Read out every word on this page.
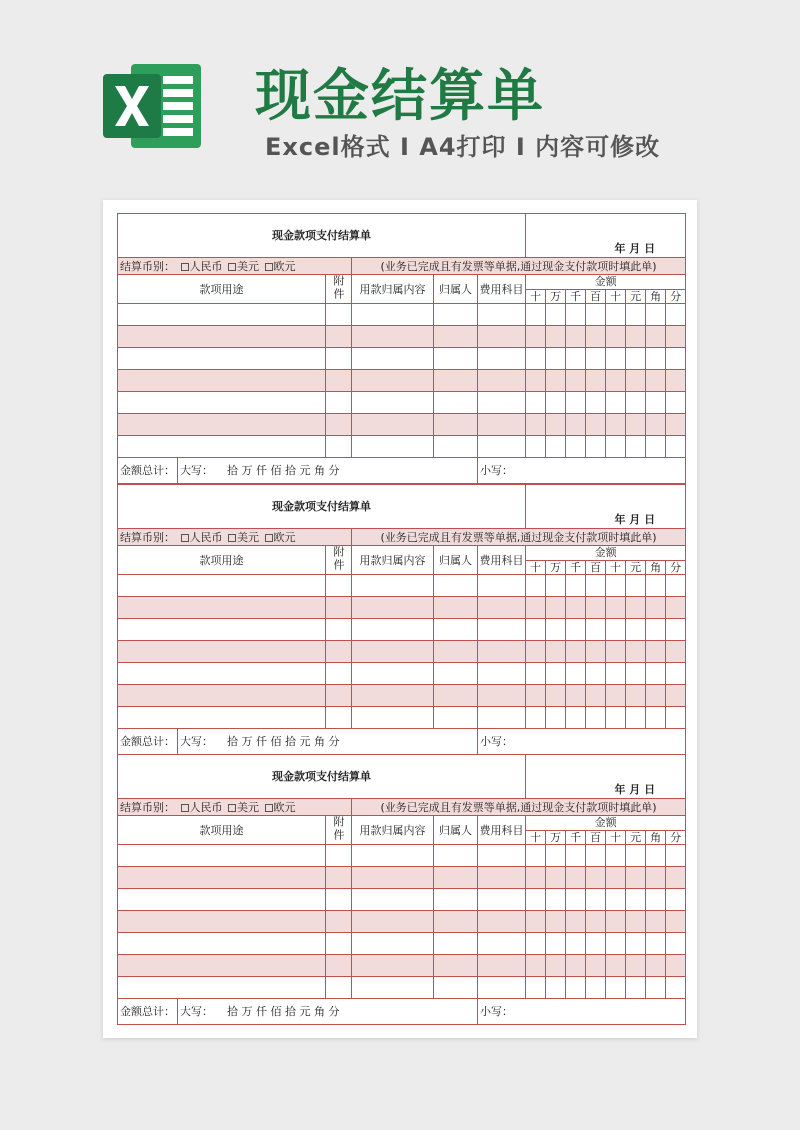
现金结算单
Excel格式 I A4打印 I 内容可修改
现金款项支付结算单						年 月 日							
结算币别： 人民币 美元 欧元			(业务已完成且有发票等单据,通过现金支付款项时填此单)										
款项用途		附件	用款归属内容	归属人	费用科目	金额							
						十	万	千	百	十	元	角	分

金额总计：	大写： 拾 万 仟 佰 拾 元 角 分				小写：								
现金款项支付结算单						年 月 日							
结算币别： 人民币 美元 欧元			(业务已完成且有发票等单据,通过现金支付款项时填此单)										
款项用途		附件	用款归属内容	归属人	费用科目	金额							
						十	万	千	百	十	元	角	分

金额总计：	大写： 拾 万 仟 佰 拾 元 角 分				小写：								
现金款项支付结算单						年 月 日							
结算币别： 人民币 美元 欧元			(业务已完成且有发票等单据,通过现金支付款项时填此单)										
款项用途		附件	用款归属内容	归属人	费用科目	金额							
						十	万	千	百	十	元	角	分

金额总计：	大写： 拾 万 仟 佰 拾 元 角 分				小写：								
